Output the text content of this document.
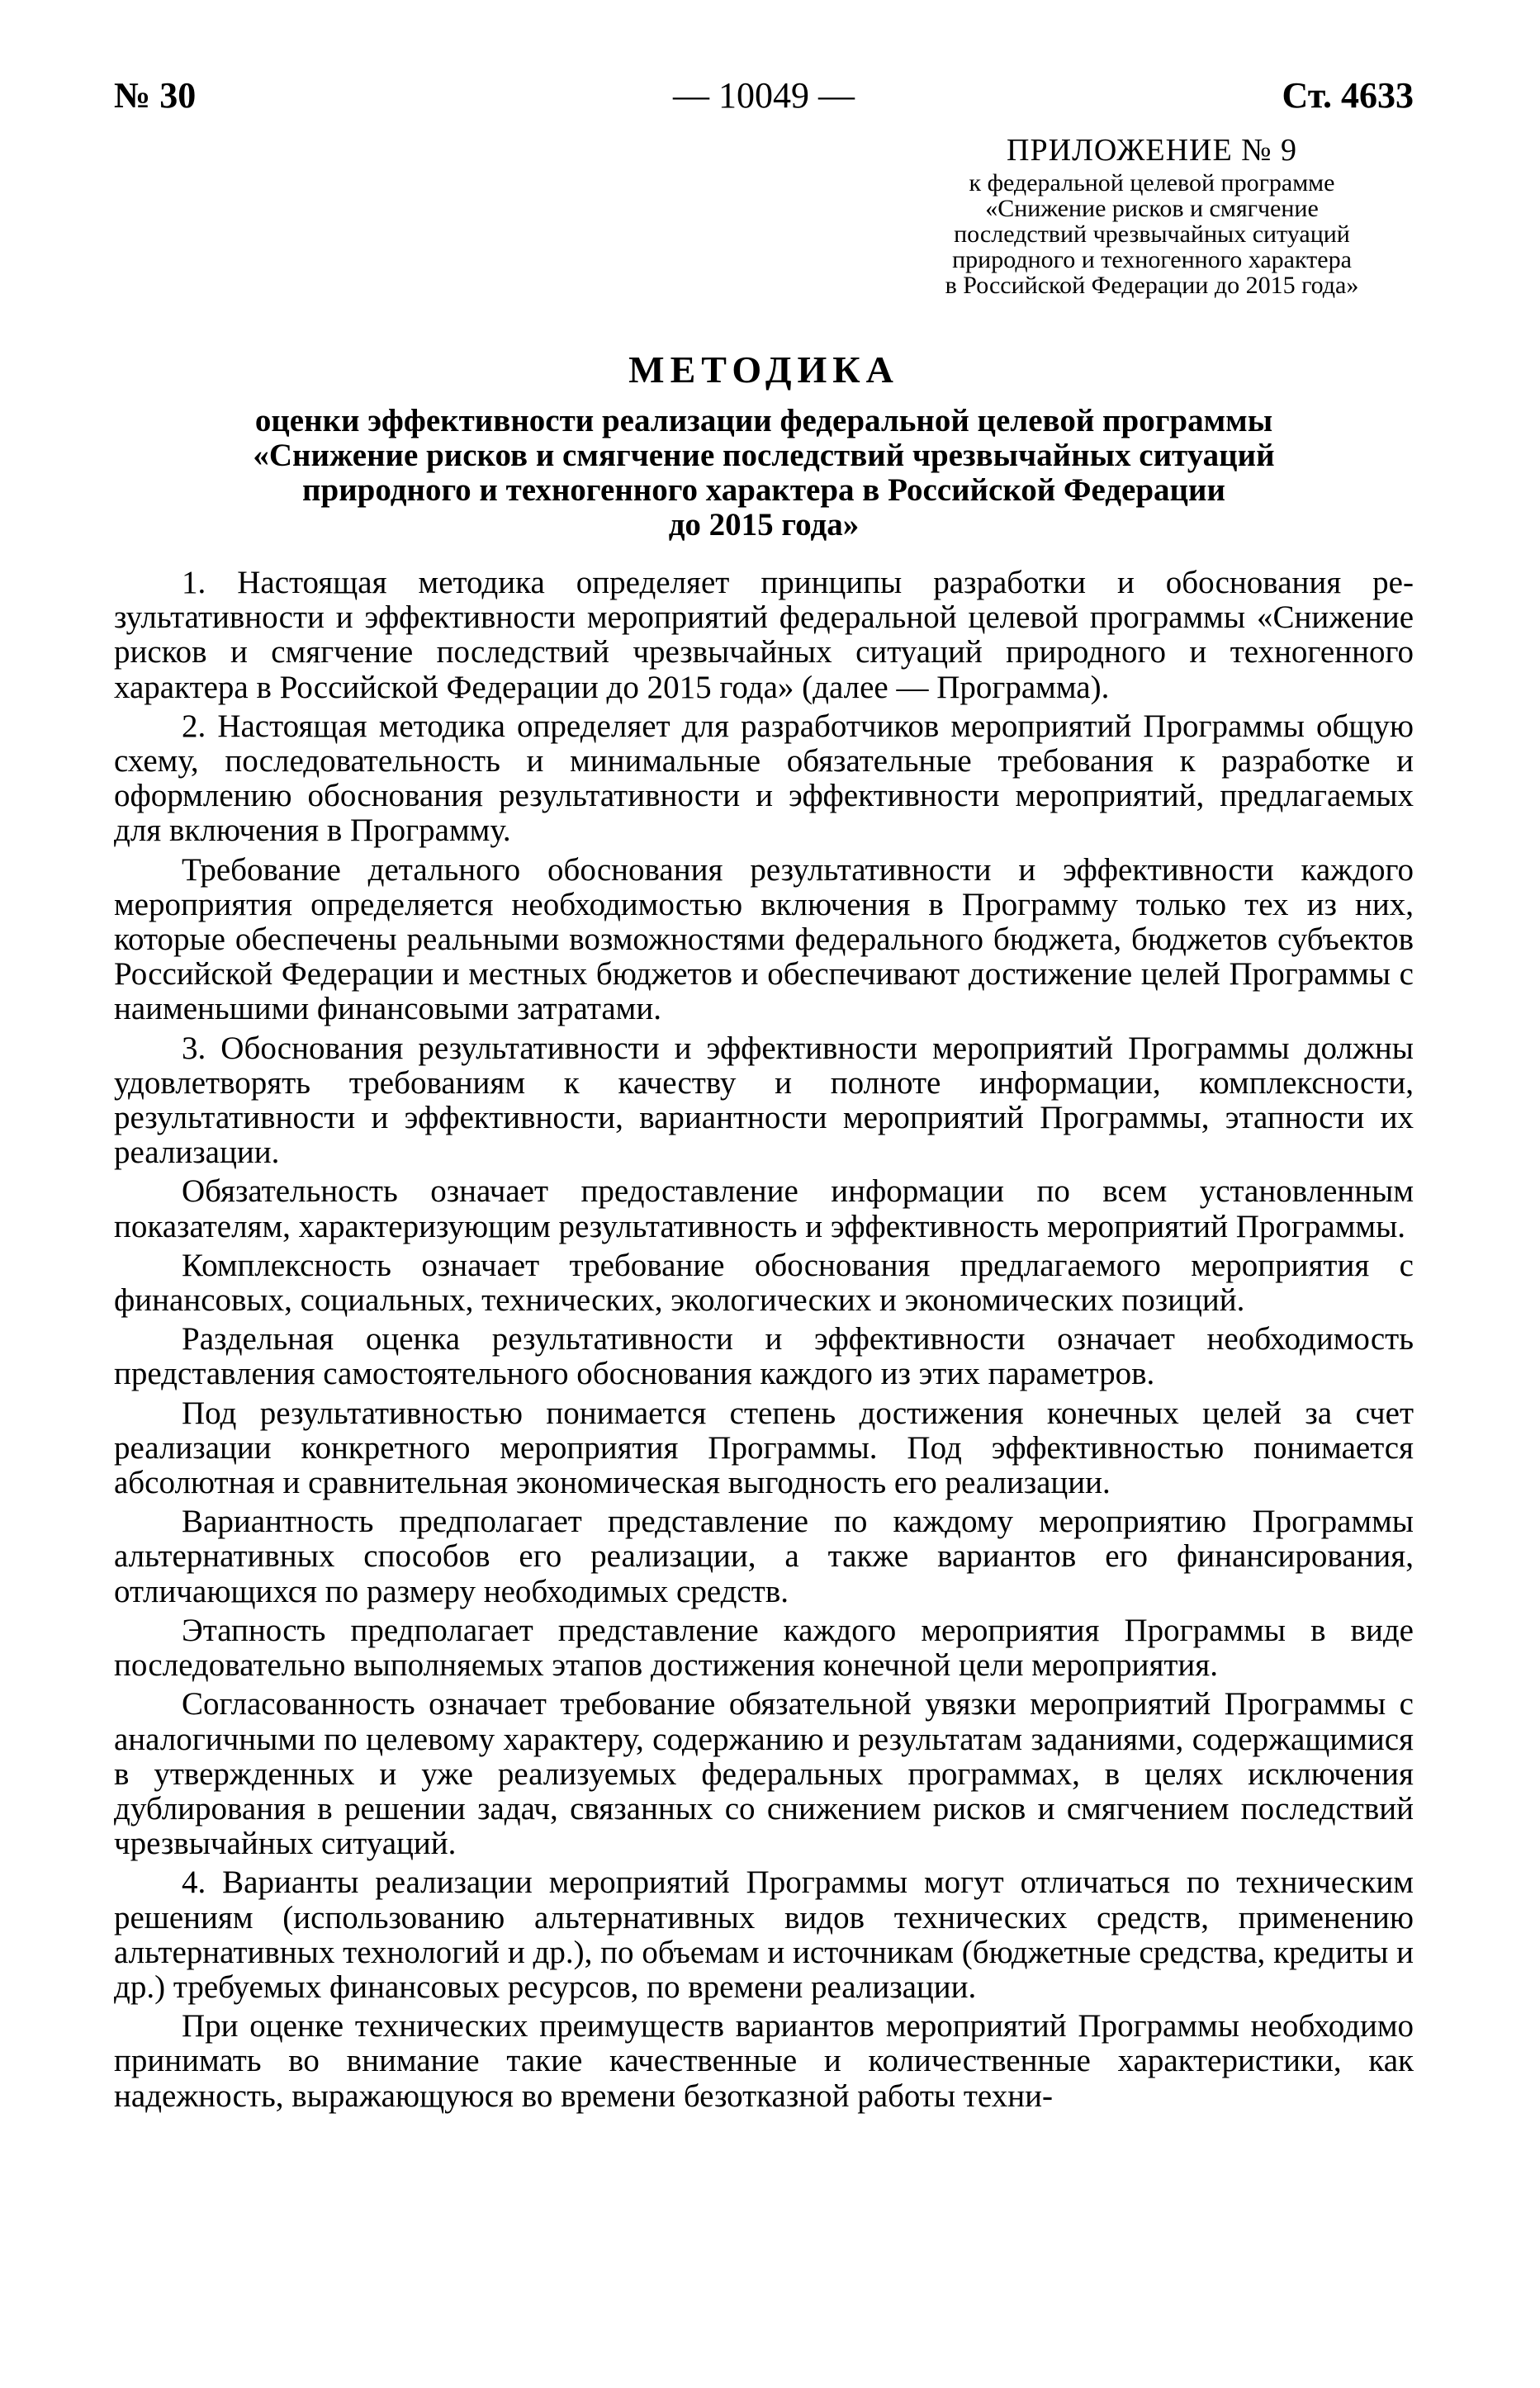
№ 30	— 10049 —	Ст. 4633
ПРИЛОЖЕНИЕ № 9
к федеральной целевой программе
«Снижение рисков и смягчение
последствий чрезвычайных ситуаций
природного и техногенного характера
в Российской Федерации до 2015 года»
МЕТОДИКА
оценки эффективности реализации федеральной целевой программы
«Снижение рисков и смягчение последствий чрезвычайных ситуаций
природного и техногенного характера в Российской Федерации
до 2015 года»

1. Настоящая методика определяет принципы разработки и обоснования результативности и эффективности мероприятий федеральной целевой программы «Снижение рисков и смягчение последствий чрезвычайных ситуаций природного и техногенного характера в Российской Федерации до 2015 года» (далее — Программа).

2. Настоящая методика определяет для разработчиков мероприятий Программы общую схему, последовательность и минимальные обязательные требования к разработке и оформлению обоснования результативности и эффективности мероприятий, предлагаемых для включения в Программу.

Требование детального обоснования результативности и эффективности каждого мероприятия определяется необходимостью включения в Программу только тех из них, которые обеспечены реальными возможностями федерального бюджета, бюджетов субъектов Российской Федерации и местных бюджетов и обеспечивают достижение целей Программы с наименьшими финансовыми затратами.

3. Обоснования результативности и эффективности мероприятий Программы должны удовлетворять требованиям к качеству и полноте информации, комплексности, результативности и эффективности, вариантности мероприятий Программы, этапности их реализации.

Обязательность означает предоставление информации по всем установленным показателям, характеризующим результативность и эффективность мероприятий Программы.

Комплексность означает требование обоснования предлагаемого мероприятия с финансовых, социальных, технических, экологических и экономических позиций.

Раздельная оценка результативности и эффективности означает необходимость представления самостоятельного обоснования каждого из этих параметров.

Под результативностью понимается степень достижения конечных целей за счет реализации конкретного мероприятия Программы. Под эффективностью понимается абсолютная и сравнительная экономическая выгодность его реализации.

Вариантность предполагает представление по каждому мероприятию Программы альтернативных способов его реализации, а также вариантов его финансирования, отличающихся по размеру необходимых средств.

Этапность предполагает представление каждого мероприятия Программы в виде последовательно выполняемых этапов достижения конечной цели мероприятия.

Согласованность означает требование обязательной увязки мероприятий Программы с аналогичными по целевому характеру, содержанию и результатам заданиями, содержащимися в утвержденных и уже реализуемых федеральных программах, в целях исключения дублирования в решении задач, связанных со снижением рисков и смягчением последствий чрезвычайных ситуаций.

4. Варианты реализации мероприятий Программы могут отличаться по техническим решениям (использованию альтернативных видов технических средств, применению альтернативных технологий и др.), по объемам и источникам (бюджетные средства, кредиты и др.) требуемых финансовых ресурсов, по времени реализации.

При оценке технических преимуществ вариантов мероприятий Программы необходимо принимать во внимание такие качественные и количественные характеристики, как надежность, выражающуюся во времени безотказной работы техни-
